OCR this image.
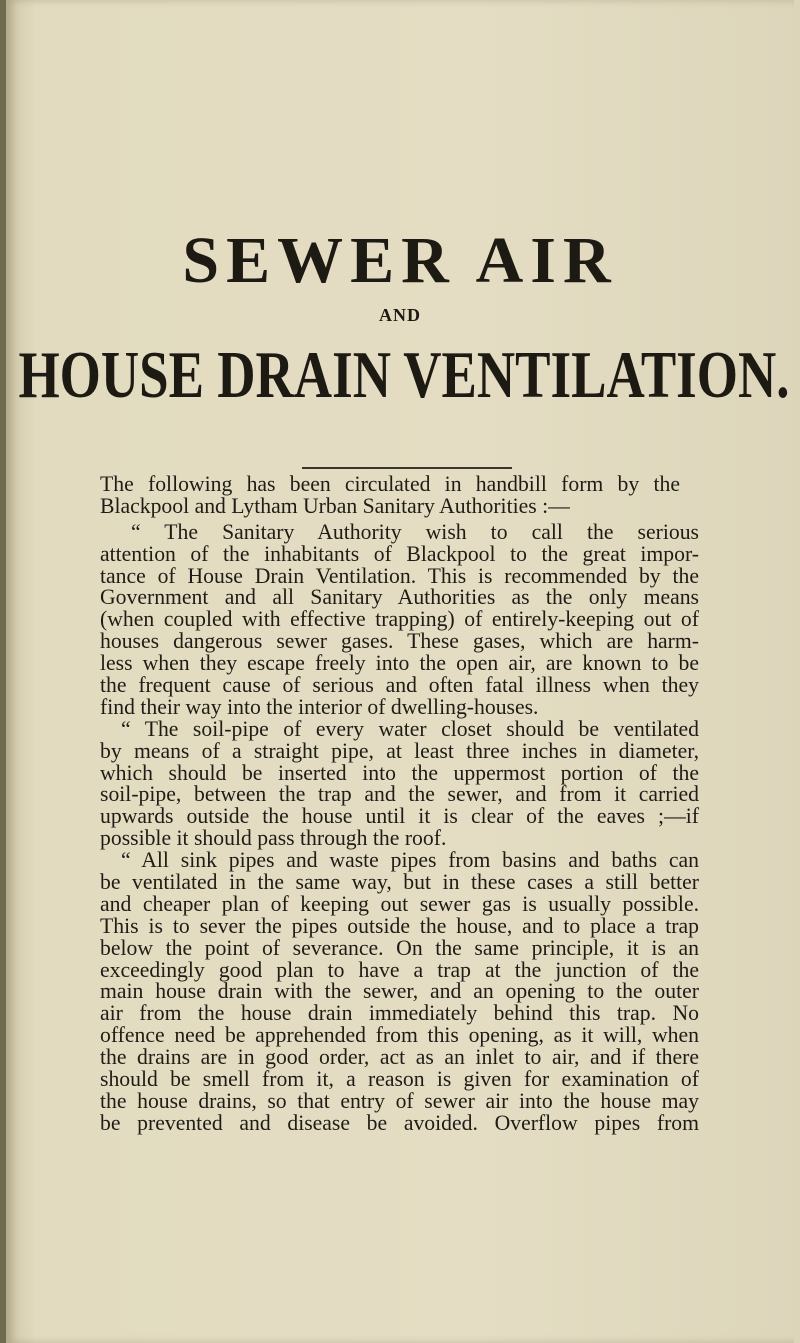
SEWER AIR
AND
HOUSE DRAIN VENTILATION.

The following has been circulated in handbill form by the
Blackpool and Lytham Urban Sanitary Authorities :—

“ The Sanitary Authority wish to call the serious
attention of the inhabitants of Blackpool to the great impor-
tance of House Drain Ventilation. This is recommended by the
Government and all Sanitary Authorities as the only means
(when coupled with effective trapping) of entirely-keeping out of
houses dangerous sewer gases. These gases, which are harm-
less when they escape freely into the open air, are known to be
the frequent cause of serious and often fatal illness when they
find their way into the interior of dwelling-houses.

“ The soil-pipe of every water closet should be ventilated
by means of a straight pipe, at least three inches in diameter,
which should be inserted into the uppermost portion of the
soil-pipe, between the trap and the sewer, and from it carried
upwards outside the house until it is clear of the eaves ;—if
possible it should pass through the roof.

“ All sink pipes and waste pipes from basins and baths can
be ventilated in the same way, but in these cases a still better
and cheaper plan of keeping out sewer gas is usually possible.
This is to sever the pipes outside the house, and to place a trap
below the point of severance. On the same principle, it is an
exceedingly good plan to have a trap at the junction of the
main house drain with the sewer, and an opening to the outer
air from the house drain immediately behind this trap. No
offence need be apprehended from this opening, as it will, when
the drains are in good order, act as an inlet to air, and if there
should be smell from it, a reason is given for examination of
the house drains, so that entry of sewer air into the house may
be prevented and disease be avoided. Overflow pipes from
